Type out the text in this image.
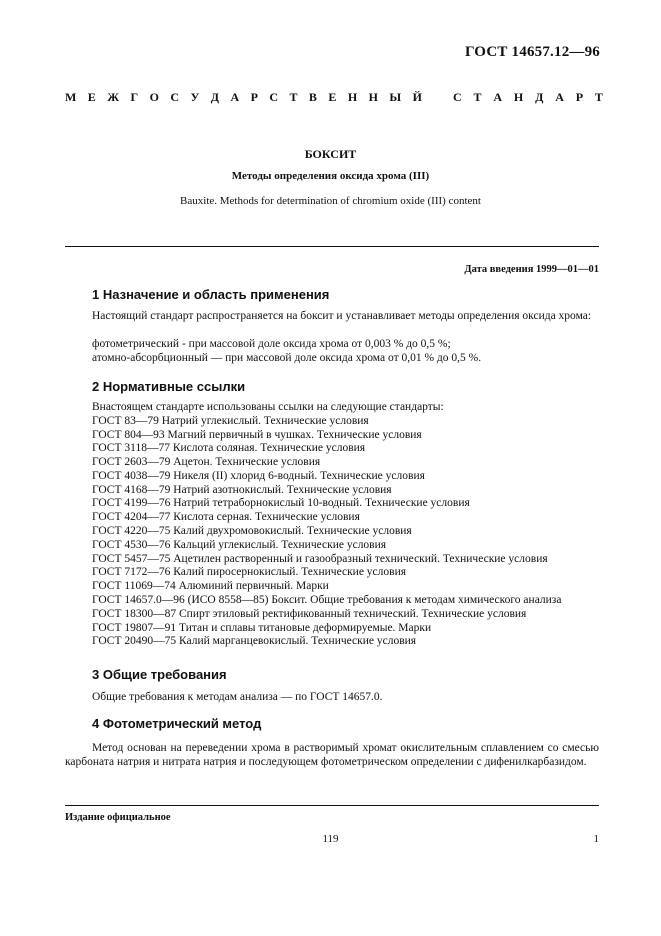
ГОСТ 14657.12—96
М Е Ж Г О С У Д А Р С Т В Е Н Н Ы Й	С Т А Н Д А Р Т
БОКСИТ
Методы определения оксида хрома (III)
Bauxite. Methods for determination of chromium oxide (III) content
Дата введения 1999—01—01
1 Назначение и область применения
Настоящий стандарт распространяется на боксит и устанавливает методы определения оксида хрома:
фотометрический - при массовой доле оксида хрома от 0,003 % до 0,5 %;
атомно-абсорбционный — при массовой доле оксида хрома от 0,01 % до 0,5 %.
2 Нормативные ссылки
Внастоящем стандарте использованы ссылки на следующие стандарты:
ГОСТ 83—79 Натрий углекислый. Технические условия
ГОСТ 804—93 Магний первичный в чушках. Технические условия
ГОСТ 3118—77 Кислота соляная. Технические условия
ГОСТ 2603—79 Ацетон. Технические условия
ГОСТ 4038—79 Никеля (II) хлорид 6-водный. Технические условия
ГОСТ 4168—79 Натрий азотнокислый. Технические условия
ГОСТ 4199—76 Натрий тетраборнокислый 10-водный. Технические условия
ГОСТ 4204—77 Кислота серная. Технические условия
ГОСТ 4220—75 Калий двухромовокислый. Технические условия
ГОСТ 4530—76 Кальций углекислый. Технические условия
ГОСТ 5457—75 Ацетилен растворенный и газообразный технический. Технические условия
ГОСТ 7172—76 Калий пиросернокислый. Технические условия
ГОСТ 11069—74 Алюминий первичный. Марки
ГОСТ 14657.0—96 (ИСО 8558—85) Боксит. Общие требования к методам химического анализа
ГОСТ 18300—87 Спирт этиловый ректификованный технический. Технические условия
ГОСТ 19807—91 Титан и сплавы титановые деформируемые. Марки
ГОСТ 20490—75 Калий марганцевокислый. Технические условия
3 Общие требования
Общие требования к методам анализа — по ГОСТ 14657.0.
4 Фотометрический метод
Метод основан на переведении хрома в растворимый хромат окислительным сплавлением со смесью карбоната натрия и нитрата натрия и последующем фотометрическом определении с дифенилкарбазидом.
Издание официальное
119	1
